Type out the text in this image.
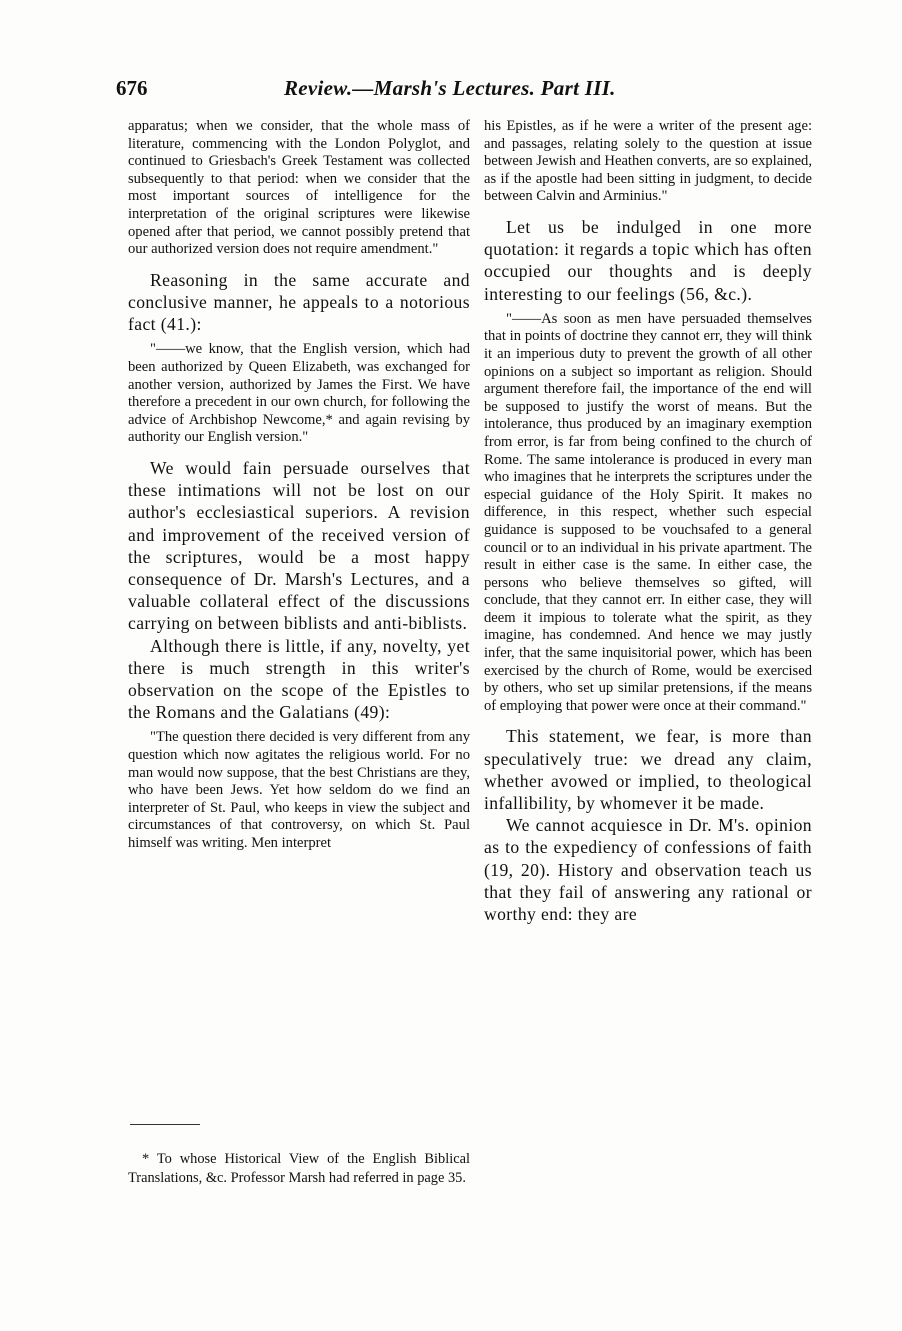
676	Review.—Marsh's Lectures. Part III.

apparatus; when we consider, that the whole mass of literature, commencing with the London Polyglot, and continued to Griesbach's Greek Testament was collected subsequently to that period: when we consider that the most important sources of intelligence for the interpretation of the original scriptures were likewise opened after that period, we cannot possibly pretend that our authorized version does not require amendment."

Reasoning in the same accurate and conclusive manner, he appeals to a notorious fact (41.):

"——we know, that the English version, which had been authorized by Queen Elizabeth, was exchanged for another version, authorized by James the First. We have therefore a precedent in our own church, for following the advice of Archbishop Newcome,* and again revising by authority our English version."

We would fain persuade ourselves that these intimations will not be lost on our author's ecclesiastical superiors. A revision and improvement of the received version of the scriptures, would be a most happy consequence of Dr. Marsh's Lectures, and a valuable collateral effect of the discussions carrying on between biblists and anti-biblists.

Although there is little, if any, novelty, yet there is much strength in this writer's observation on the scope of the Epistles to the Romans and the Galatians (49):

"The question there decided is very different from any question which now agitates the religious world. For no man would now suppose, that the best Christians are they, who have been Jews. Yet how seldom do we find an interpreter of St. Paul, who keeps in view the subject and circumstances of that controversy, on which St. Paul himself was writing. Men interpret

his Epistles, as if he were a writer of the present age: and passages, relating solely to the question at issue between Jewish and Heathen converts, are so explained, as if the apostle had been sitting in judgment, to decide between Calvin and Arminius."

Let us be indulged in one more quotation: it regards a topic which has often occupied our thoughts and is deeply interesting to our feelings (56, &c.).

"——As soon as men have persuaded themselves that in points of doctrine they cannot err, they will think it an imperious duty to prevent the growth of all other opinions on a subject so important as religion. Should argument therefore fail, the importance of the end will be supposed to justify the worst of means. But the intolerance, thus produced by an imaginary exemption from error, is far from being confined to the church of Rome. The same intolerance is produced in every man who imagines that he interprets the scriptures under the especial guidance of the Holy Spirit. It makes no difference, in this respect, whether such especial guidance is supposed to be vouchsafed to a general council or to an individual in his private apartment. The result in either case is the same. In either case, the persons who believe themselves so gifted, will conclude, that they cannot err. In either case, they will deem it impious to tolerate what the spirit, as they imagine, has condemned. And hence we may justly infer, that the same inquisitorial power, which has been exercised by the church of Rome, would be exercised by others, who set up similar pretensions, if the means of employing that power were once at their command."

This statement, we fear, is more than speculatively true: we dread any claim, whether avowed or implied, to theological infallibility, by whomever it be made.

We cannot acquiesce in Dr. M's. opinion as to the expediency of confessions of faith (19, 20). History and observation teach us that they fail of answering any rational or worthy end: they are

* To whose Historical View of the English Biblical Translations, &c. Professor Marsh had referred in page 35.
